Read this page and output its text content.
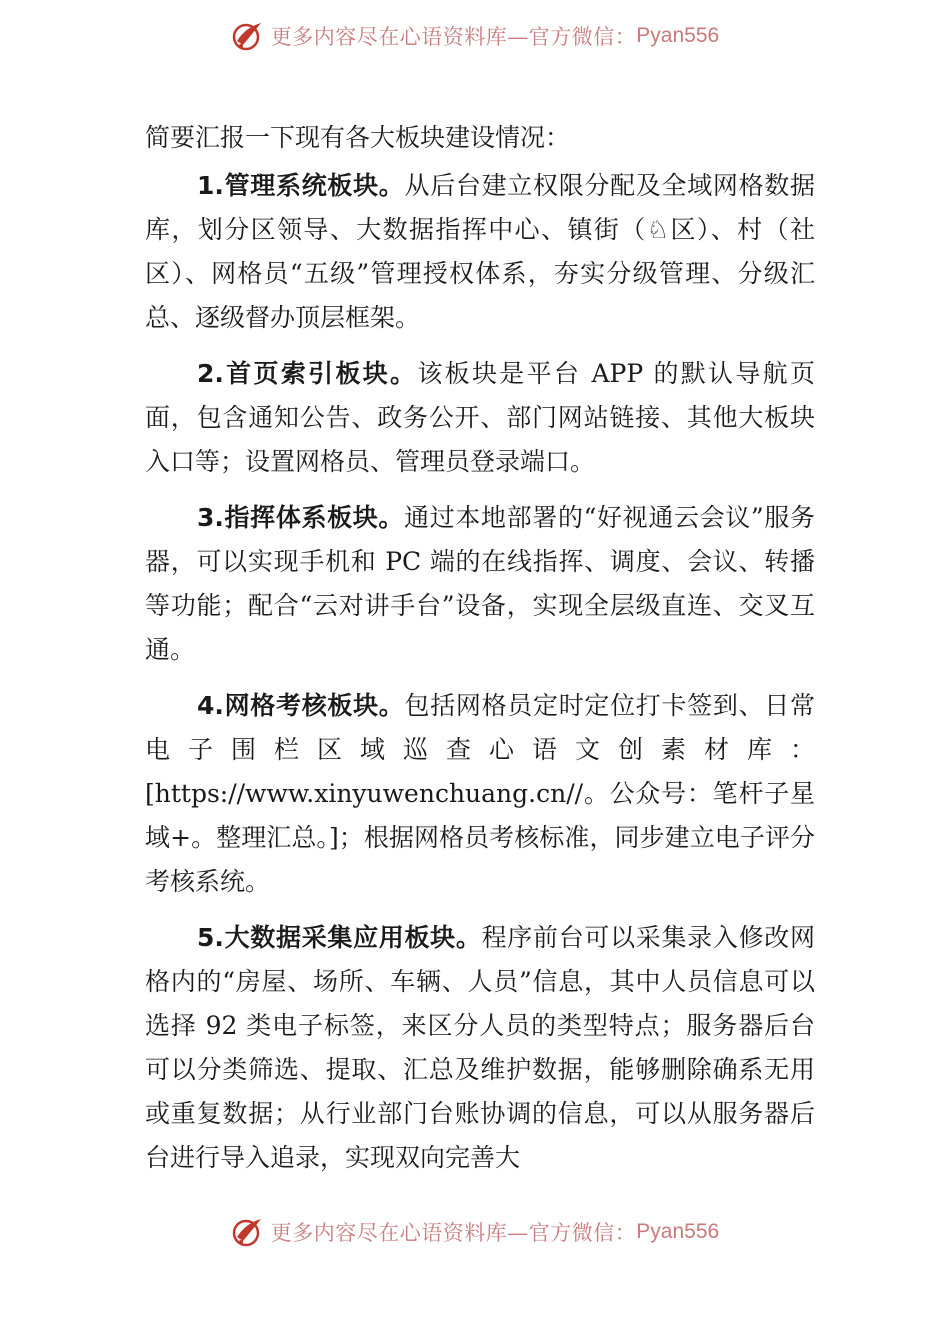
更多内容尽在心语资料库—官方微信： Pyan556

简要汇报一下现有各大板块建设情况：

1.管理系统板块。从后台建立权限分配及全域网格数据库，划分区领导、大数据指挥中心、镇街（♘区）、村（社区）、网格员“五级”管理授权体系，夯实分级管理、分级汇总、逐级督办顶层框架。

2.首页索引板块。该板块是平台 APP 的默认导航页面，包含通知公告、政务公开、部门网站链接、其他大板块入口等；设置网格员、管理员登录端口。

3.指挥体系板块。通过本地部署的“好视通云会议”服务器，可以实现手机和 PC 端的在线指挥、调度、会议、转播等功能；配合“云对讲手台”设备，实现全层级直连、交叉互通。

4.网格考核板块。包括网格员定时定位打卡签到、日常电子围栏区域巡查心语文创素材库：[https://www.xinyuwenchuang.cn//。公众号：笔杆子星域+。整理汇总。]；根据网格员考核标准，同步建立电子评分考核系统。

5.大数据采集应用板块。程序前台可以采集录入修改网格内的“房屋、场所、车辆、人员”信息，其中人员信息可以选择 92 类电子标签，来区分人员的类型特点；服务器后台可以分类筛选、提取、汇总及维护数据，能够删除确系无用或重复数据；从行业部门台账协调的信息，可以从服务器后台进行导入追录，实现双向完善大

更多内容尽在心语资料库—官方微信： Pyan556
